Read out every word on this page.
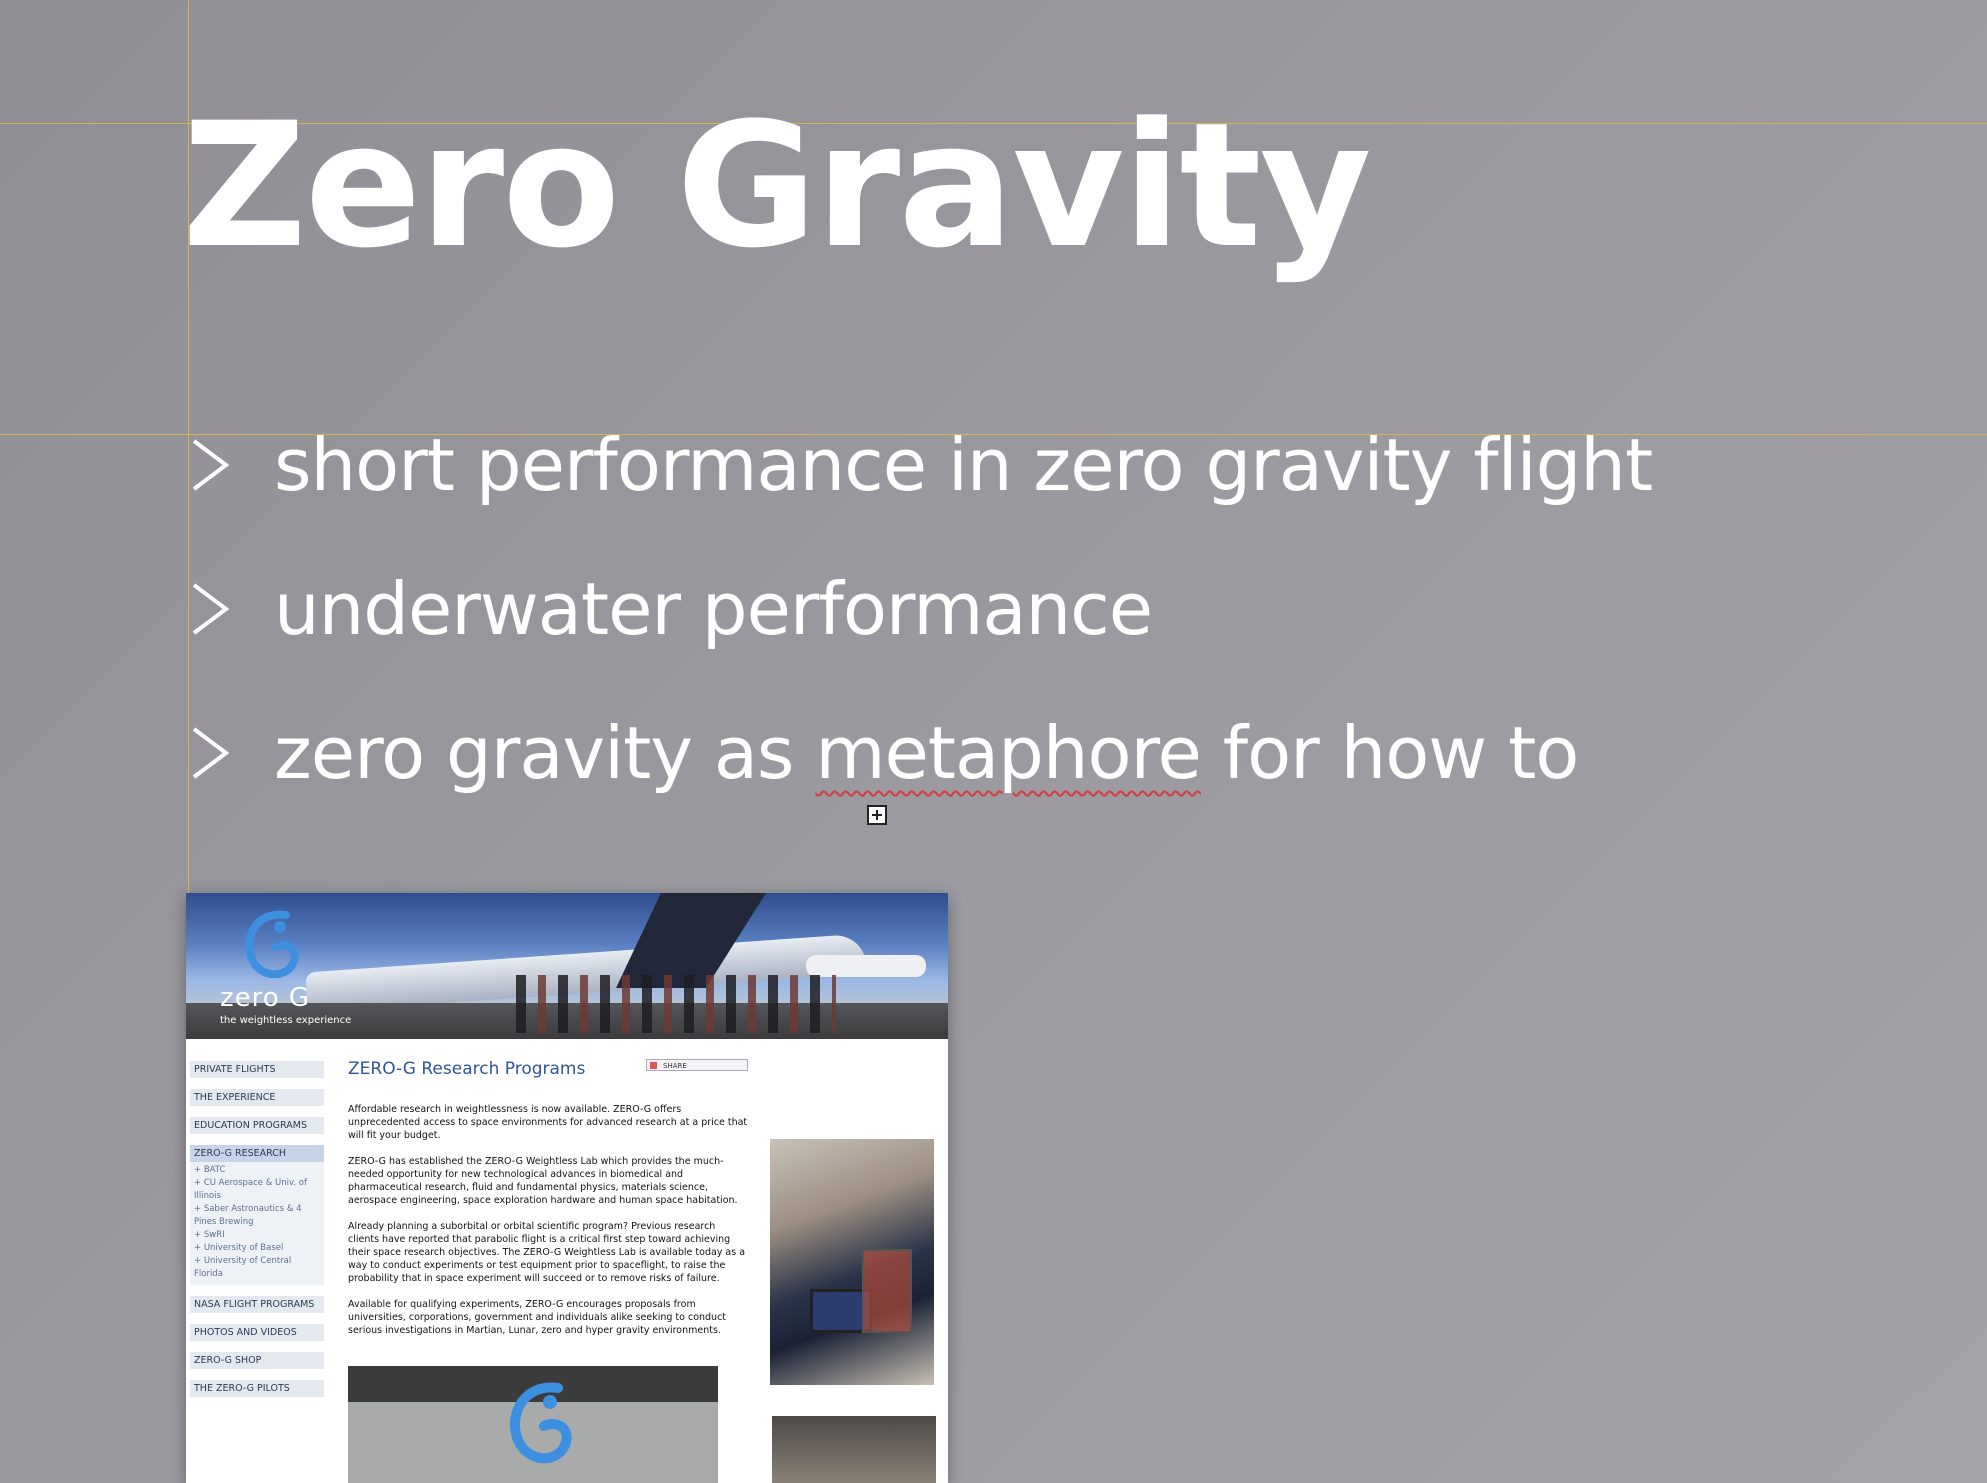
Zero Gravity
short performance in zero gravity flight
underwater performance
zero gravity as metaphore for how to
zero G
the weightless experience
PRIVATE FLIGHTS
THE EXPERIENCE
EDUCATION PROGRAMS
ZERO-G RESEARCH
+ BATC
+ CU Aerospace & Univ. of Illinois
+ Saber Astronautics & 4 Pines Brewing
+ SwRI
+ University of Basel
+ University of Central Florida
NASA FLIGHT PROGRAMS
PHOTOS AND VIDEOS
ZERO-G SHOP
THE ZERO-G PILOTS
ZERO-G Research Programs	SHARE

Affordable research in weightlessness is now available. ZERO-G offers unprecedented access to space environments for advanced research at a price that will fit your budget.

ZERO-G has established the ZERO-G Weightless Lab which provides the much-needed opportunity for new technological advances in biomedical and pharmaceutical research, fluid and fundamental physics, materials science, aerospace engineering, space exploration hardware and human space habitation.

Already planning a suborbital or orbital scientific program? Previous research clients have reported that parabolic flight is a critical first step toward achieving their space research objectives. The ZERO-G Weightless Lab is available today as a way to conduct experiments or test equipment prior to spaceflight, to raise the probability that in space experiment will succeed or to remove risks of failure.

Available for qualifying experiments, ZERO-G encourages proposals from universities, corporations, government and individuals alike seeking to conduct serious investigations in Martian, Lunar, zero and hyper gravity environments.
